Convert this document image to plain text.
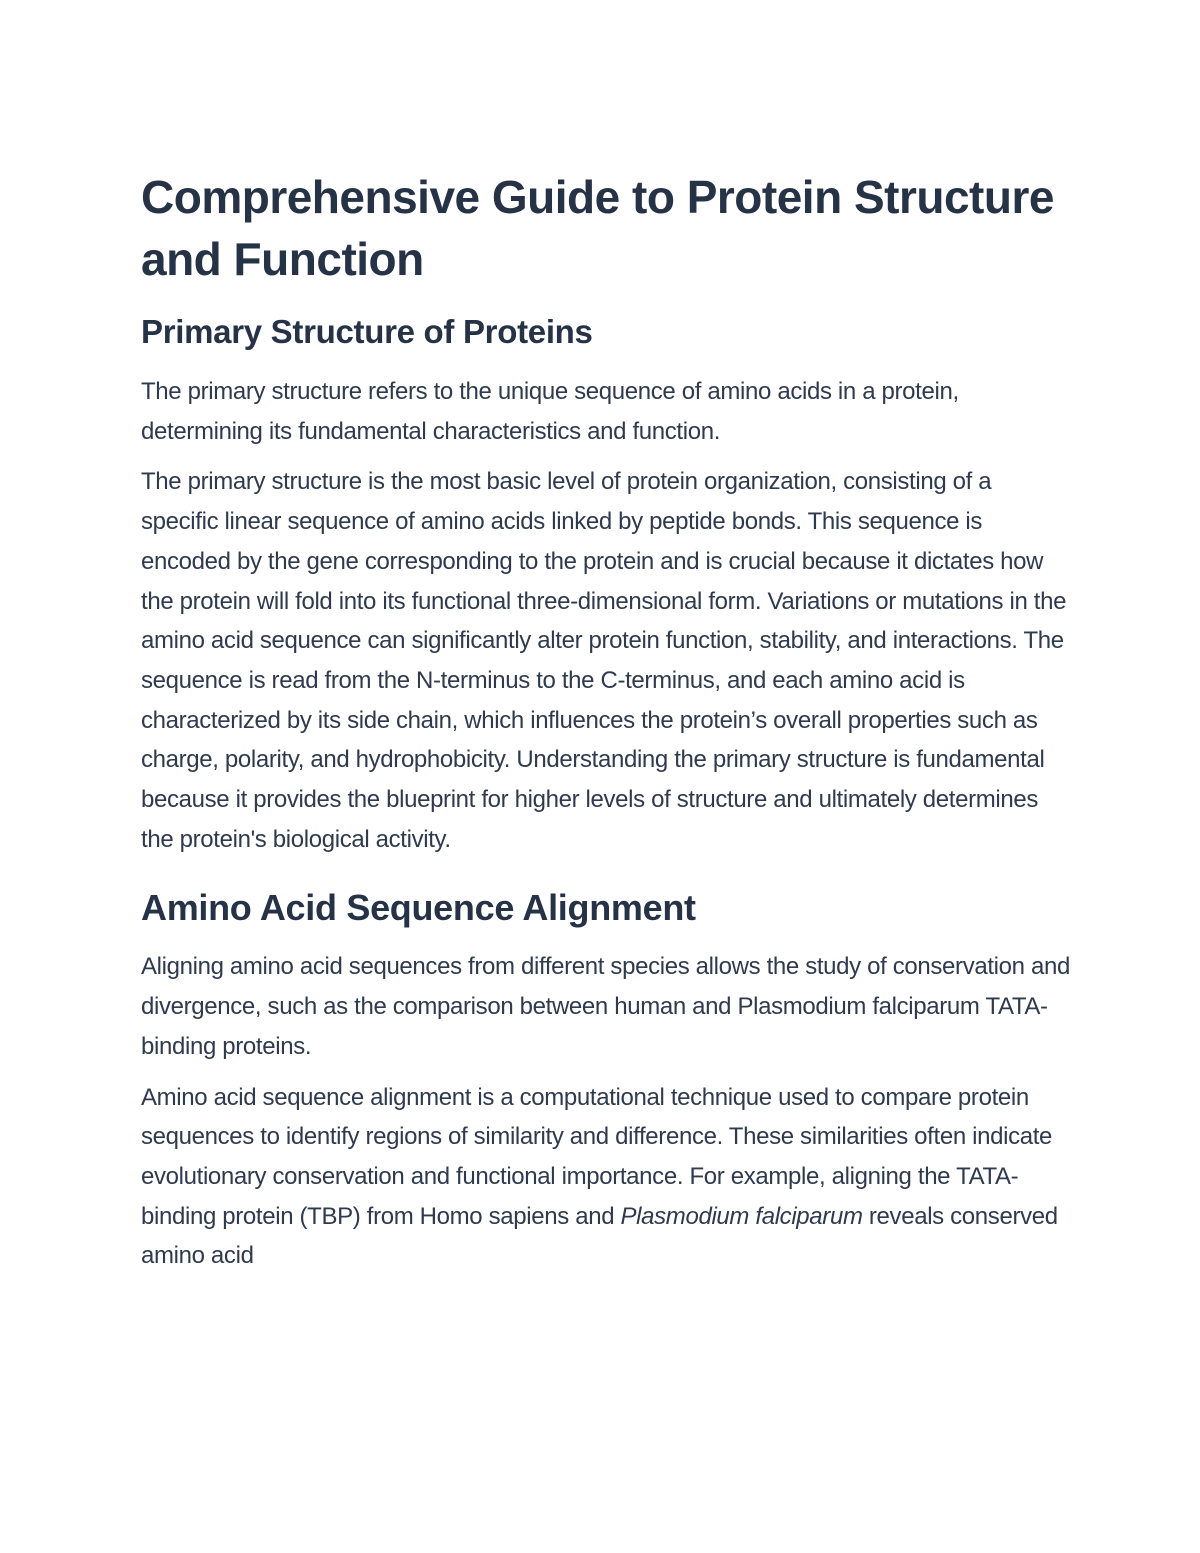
Comprehensive Guide to Protein Structure and Function
Primary Structure of Proteins

The primary structure refers to the unique sequence of amino acids in a protein, determining its fundamental characteristics and function.

The primary structure is the most basic level of protein organization, consisting of a specific linear sequence of amino acids linked by peptide bonds. This sequence is encoded by the gene corresponding to the protein and is crucial because it dictates how the protein will fold into its functional three-dimensional form. Variations or mutations in the amino acid sequence can significantly alter protein function, stability, and interactions. The sequence is read from the N-terminus to the C-terminus, and each amino acid is characterized by its side chain, which influences the protein’s overall properties such as charge, polarity, and hydrophobicity. Understanding the primary structure is fundamental because it provides the blueprint for higher levels of structure and ultimately determines the protein's biological activity.

Amino Acid Sequence Alignment

Aligning amino acid sequences from different species allows the study of conservation and divergence, such as the comparison between human and Plasmodium falciparum TATA-binding proteins.

Amino acid sequence alignment is a computational technique used to compare protein sequences to identify regions of similarity and difference. These similarities often indicate evolutionary conservation and functional importance. For example, aligning the TATA-binding protein (TBP) from Homo sapiens and Plasmodium falciparum reveals conserved amino acid
